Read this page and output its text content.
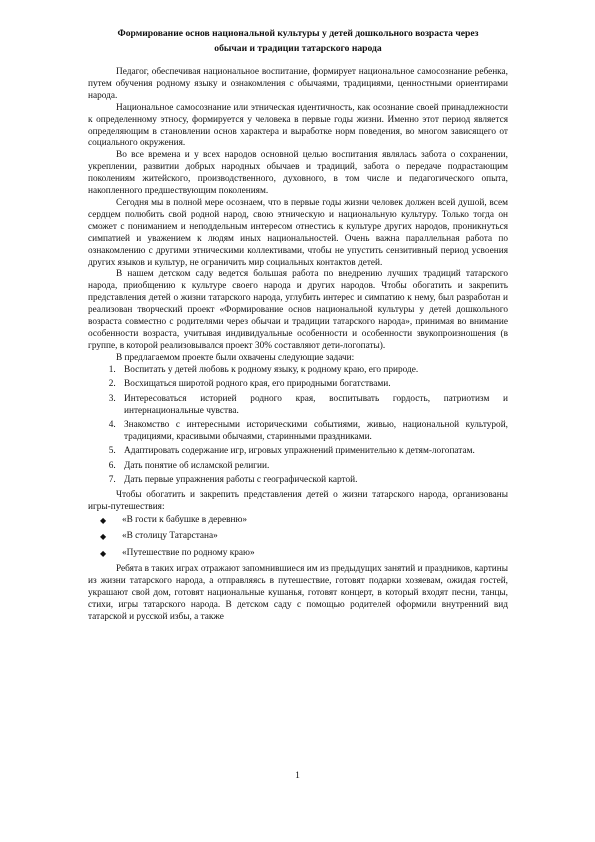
Формирование основ национальной культуры у детей дошкольного возраста через
обычаи и традиции татарского народа

Педагог, обеспечивая национальное воспитание, формирует национальное самосознание ребенка, путем обучения родному языку и ознакомления с обычаями, традициями, ценностными ориентирами народа.

Национальное самосознание или этническая идентичность, как осознание своей принадлежности к определенному этносу, формируется у человека в первые годы жизни. Именно этот период является определяющим в становлении основ характера и выработке норм поведения, во многом зависящего от социального окружения.

Во все времена и у всех народов основной целью воспитания являлась забота о сохранении, укреплении, развитии добрых народных обычаев и традиций, забота о передаче подрастающим поколениям житейского, производственного, духовного, в том числе и педагогического опыта, накопленного предшествующим поколениям.

Сегодня мы в полной мере осознаем, что в первые годы жизни человек должен всей душой, всем сердцем полюбить свой родной народ, свою этническую и национальную культуру. Только тогда он сможет с пониманием и неподдельным интересом отнестись к культуре других народов, проникнуться симпатией и уважением к людям иных национальностей. Очень важна параллельная работа по ознакомлению с другими этническими коллективами, чтобы не упустить сензитивный период усвоения других языков и культур, не ограничить мир социальных контактов детей.

В нашем детском саду ведется большая работа по внедрению лучших традиций татарского народа, приобщению к культуре своего народа и других народов. Чтобы обогатить и закрепить представления детей о жизни татарского народа, углубить интерес и симпатию к нему, был разработан и реализован творческий проект «Формирование основ национальной культуры у детей дошкольного возраста совместно с родителями через обычаи и традиции татарского народа», принимая во внимание особенности возраста, учитывая индивидуальные особенности и особенности звукопроизношения (в группе, в которой реализовывался проект 30% составляют дети-логопаты).

В предлагаемом проекте были охвачены следующие задачи:

1. Воспитать у детей любовь к родному языку, к родному краю, его природе.
2. Восхищаться широтой родного края, его природными богатствами.
3. Интересоваться историей родного края, воспитывать гордость, патриотизм и интернациональные чувства.
4. Знакомство с интересными историческими событиями, живью, национальной культурой, традициями, красивыми обычаями, старинными праздниками.
5. Адаптировать содержание игр, игровых упражнений применительно к детям-логопатам.
6. Дать понятие об исламской религии.
7. Дать первые упражнения работы с географической картой.

Чтобы обогатить и закрепить представления детей о жизни татарского народа, организованы игры-путешествия:

◆ «В гости к бабушке в деревню»
◆ «В столицу Татарстана»
◆ «Путешествие по родному краю»

Ребята в таких играх отражают запомнившиеся им из предыдущих занятий и праздников, картины из жизни татарского народа, а отправляясь в путешествие, готовят подарки хозяевам, ожидая гостей, украшают свой дом, готовят национальные кушанья, готовят концерт, в который входят песни, танцы, стихи, игры татарского народа. В детском саду с помощью родителей оформили внутренний вид татарской и русской избы, а также

1
